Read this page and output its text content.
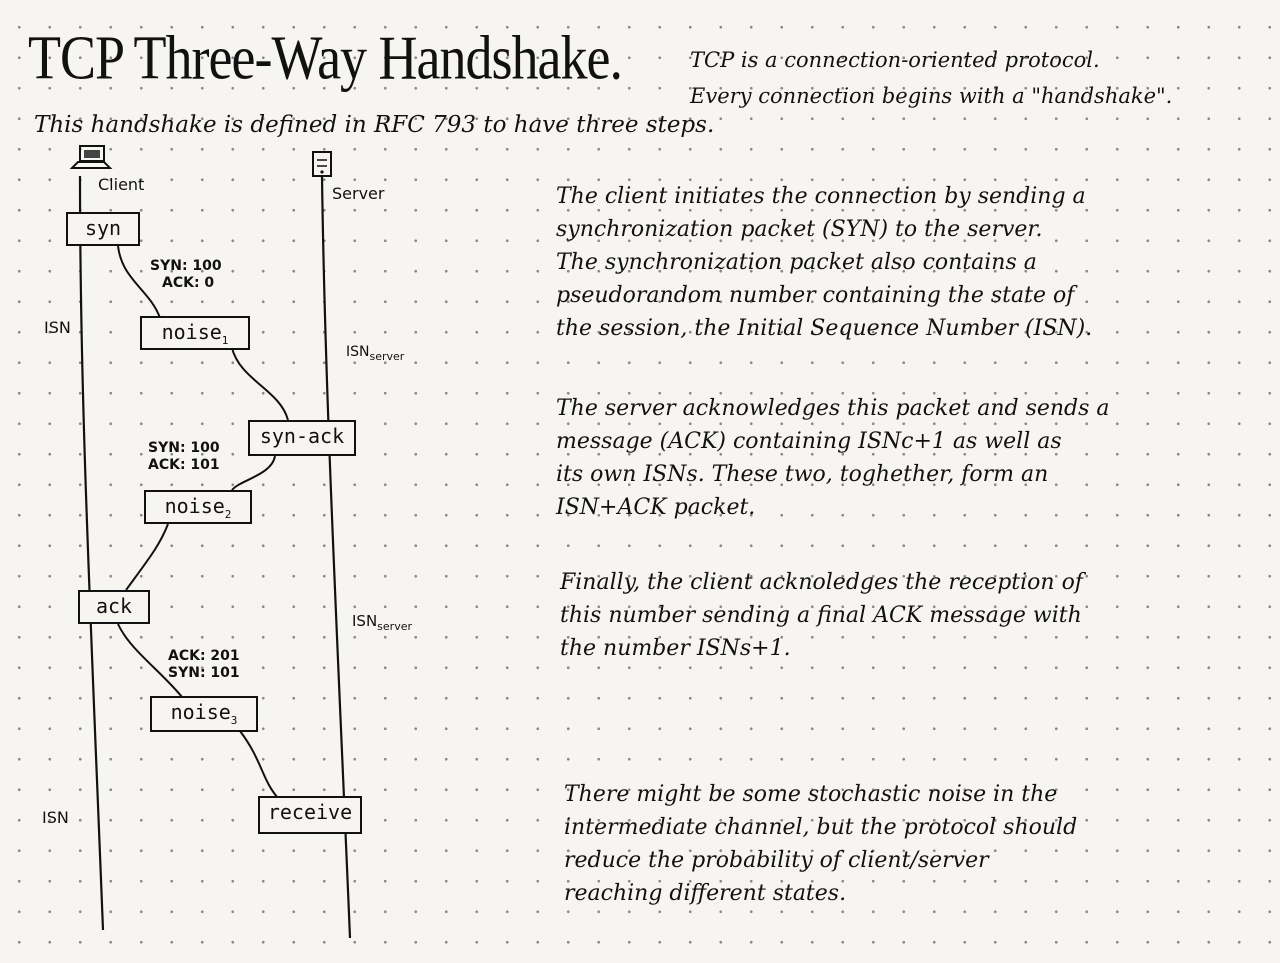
TCP Three-Way Handshake.	TCP is a connection-oriented protocol.
Every connection begins with a "handshake".
This handshake is defined in RFC 793 to have three steps.
Client	Server
syn
noise$_1$
syn-ack
noise$_2$
ack
noise$_3$
receive
SYN: 100
ACK: 0
SYN: 100
ACK: 101
ACK: 201
SYN: 101
ISN
ISN
$ISN_{server}$
$ISN_{server}$

The client initiates the connection by sending a

synchronization packet (SYN) to the server.

The synchronization packet also contains a

pseudorandom number containing the state of

the session, the Initial Sequence Number (ISN).

The server acknowledges this packet and sends a

message (ACK) containing ISNc+1 as well as

its own ISNs. These two, toghether, form an

ISN+ACK packet.

Finally, the client acknoledges the reception of

this number sending a final ACK message with

the number ISNs+1.

There might be some stochastic noise in the

intermediate channel, but the protocol should

reduce the probability of client/server

reaching different states.
